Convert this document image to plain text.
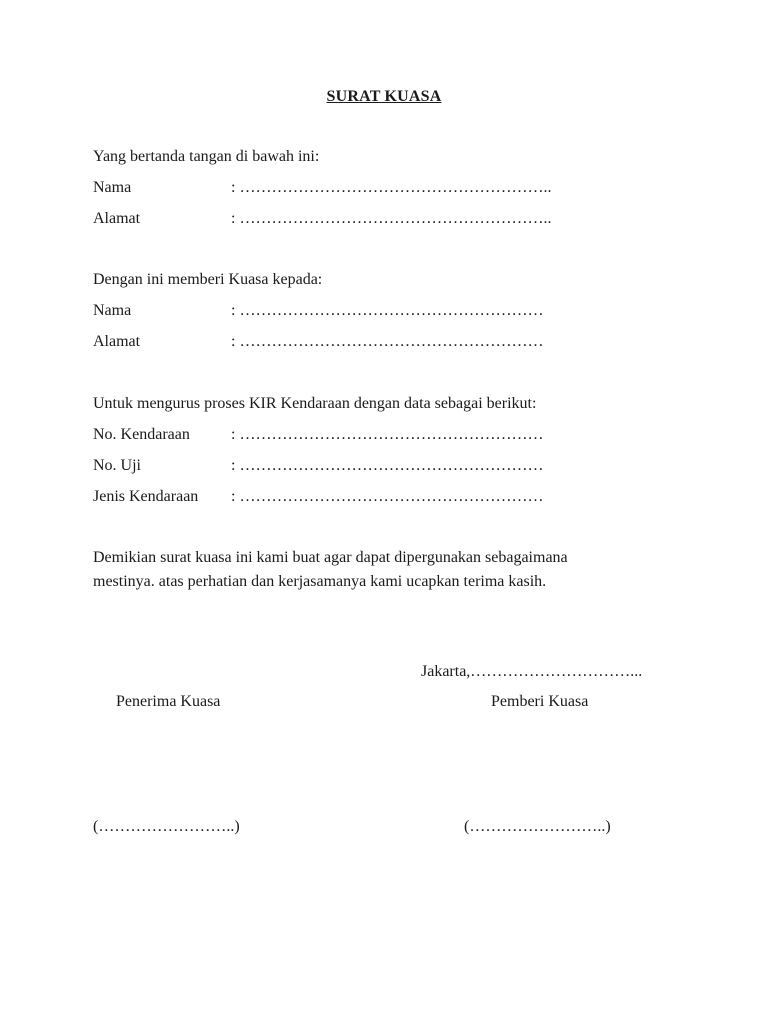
SURAT KUASA
Yang bertanda tangan di bawah ini:
Nama	: …………………………………………………..
Alamat	: …………………………………………………..
Dengan ini memberi Kuasa kepada:
Nama	: …………………………………………………
Alamat	: …………………………………………………
Untuk mengurus proses KIR Kendaraan dengan data sebagai berikut:
No. Kendaraan	: …………………………………………………
No. Uji	: …………………………………………………
Jenis Kendaraan : …………………………………………………
Demikian surat kuasa ini kami buat agar dapat dipergunakan sebagaimana
mestinya. atas perhatian dan kerjasamanya kami ucapkan terima kasih.
Jakarta,…………………………...
Penerima Kuasa	Pemberi Kuasa
(……………………..)	(……………………..)
